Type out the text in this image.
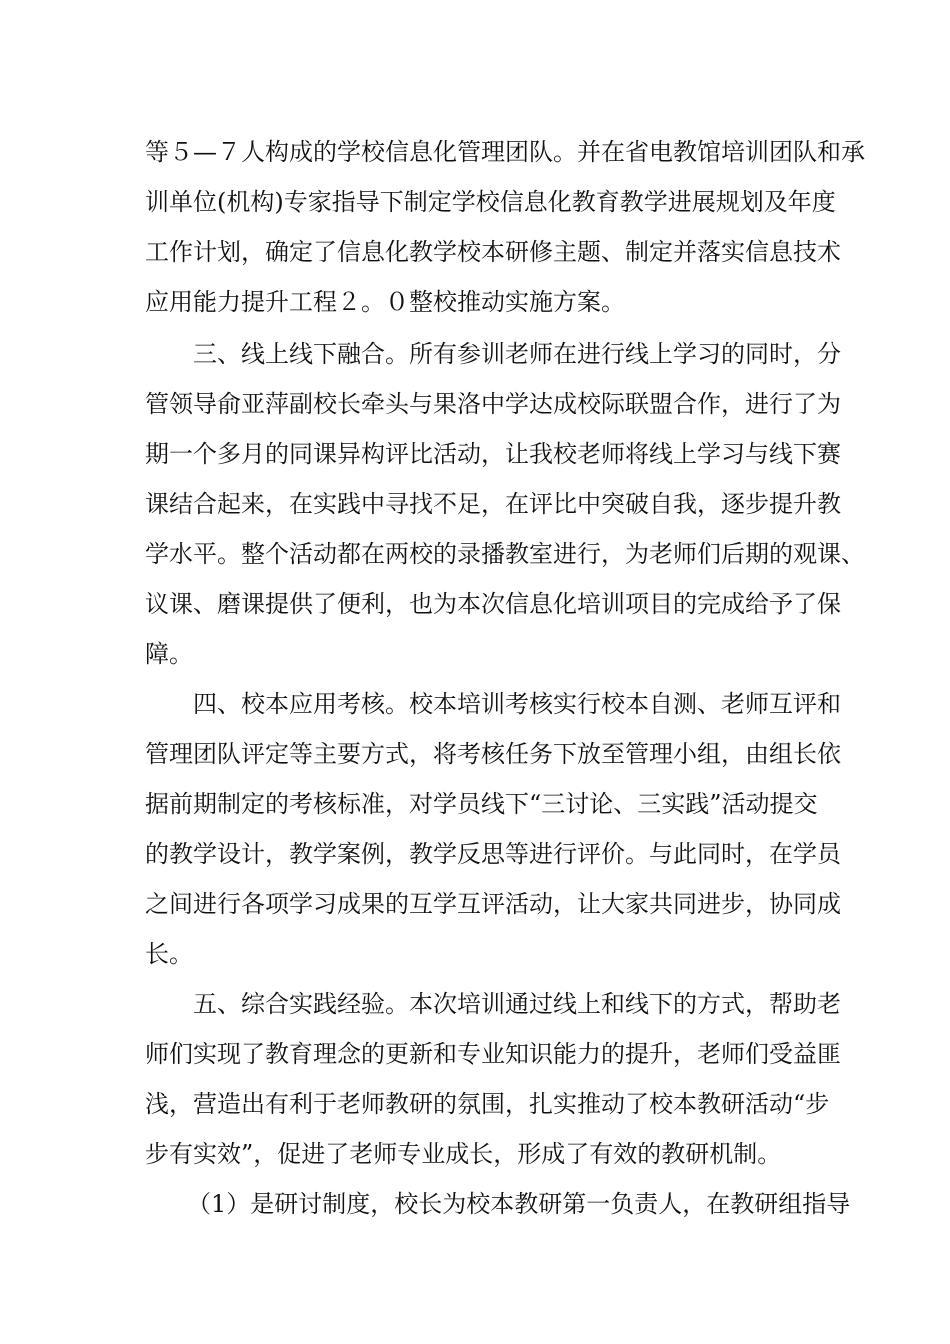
等５—７人构成的学校信息化管理团队。并在省电教馆培训团队和承

训单位(机构)专家指导下制定学校信息化教育教学进展规划及年度

工作计划，确定了信息化教学校本研修主题、制定并落实信息技术

应用能力提升工程２。０整校推动实施方案。

三、线上线下融合。所有参训老师在进行线上学习的同时，分

管领导俞亚萍副校长牵头与果洛中学达成校际联盟合作，进行了为

期一个多月的同课异构评比活动，让我校老师将线上学习与线下赛

课结合起来，在实践中寻找不足，在评比中突破自我，逐步提升教

学水平。整个活动都在两校的录播教室进行，为老师们后期的观课、

议课、磨课提供了便利，也为本次信息化培训项目的完成给予了保

障。

四、校本应用考核。校本培训考核实行校本自测、老师互评和

管理团队评定等主要方式，将考核任务下放至管理小组，由组长依

据前期制定的考核标准，对学员线下“三讨论、三实践”活动提交

的教学设计，教学案例，教学反思等进行评价。与此同时，在学员

之间进行各项学习成果的互学互评活动，让大家共同进步，协同成

长。

五、综合实践经验。本次培训通过线上和线下的方式，帮助老

师们实现了教育理念的更新和专业知识能力的提升，老师们受益匪

浅，营造出有利于老师教研的氛围，扎实推动了校本教研活动“步

步有实效”，促进了老师专业成长，形成了有效的教研机制。

（1）是研讨制度，校长为校本教研第一负责人，在教研组指导
